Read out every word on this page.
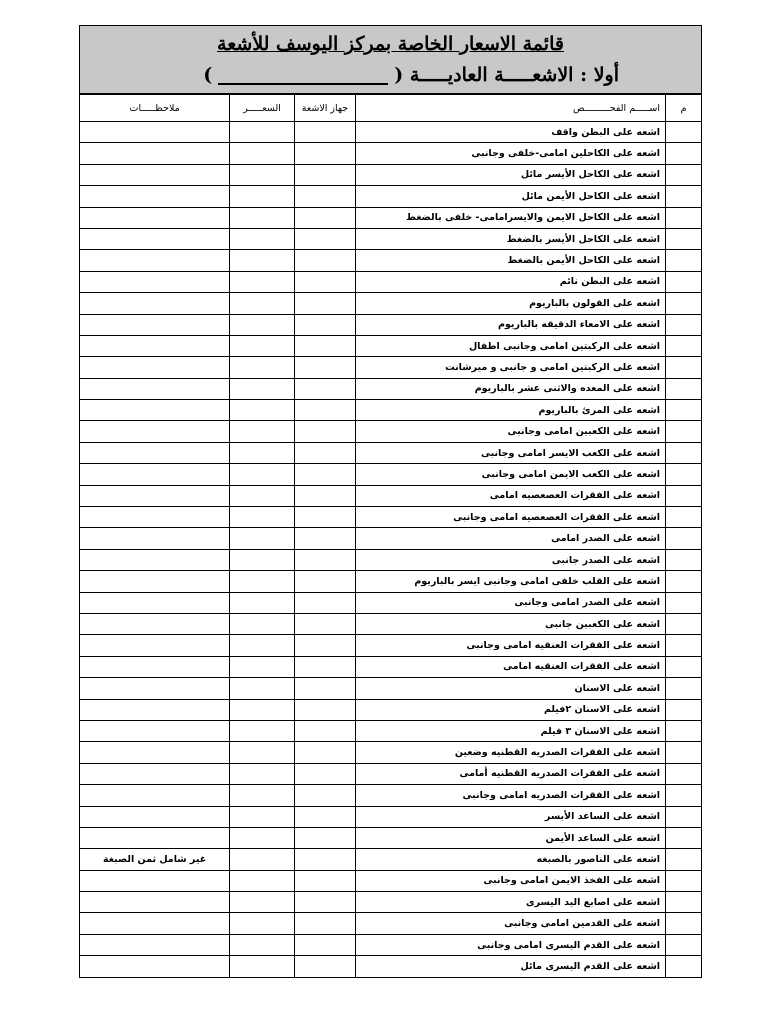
قائمة الاسعار الخاصة بمركز اليوسف للأشعة
أولا : الاشعـــــة العاديـــــة ()
م	اســـــم الفحـــــــــص	جهاز الاشعة	السعـــــر	ملاحظـــــات
	اشعه على البطن واقف			
	اشعه على الكاحلين امامى-خلفى وجانبى			
	اشعه على الكاحل الأيسر مائل			
	اشعه على الكاحل الأيمن مائل			
	اشعه على الكاحل الايمن والايسرامامى- خلفى بالضغط			
	اشعه على الكاحل الأيسر بالضغط			
	اشعه على الكاحل الأيمن بالضغط			
	اشعه على البطن نائم			
	اشعه على القولون بالباريوم			
	اشعه على الامعاء الدقيقه بالباريوم			
	اشعه على الركبتين امامى وجانبى اطفال			
	اشعه على الركبتين امامى و جانبى و ميرشانت			
	اشعه على المعده والاثنى عشر بالباريوم			
	اشعه على المرئ بالباريوم			
	اشعه على الكعبين امامى وجانبى			
	اشعه على الكعب الايسر امامى وجانبى			
	اشعه على الكعب الايمن امامى وجانبى			
	اشعه على الفقرات العصعصيه امامى			
	اشعه على الفقرات العصعصيه امامى وجانبى			
	اشعه على الصدر امامى			
	اشعه على الصدر جانبى			
	اشعه على القلب خلفى امامى وجانبى ايسر بالباريوم			
	اشعه على الصدر امامى وجانبى			
	اشعه على الكعبين جانبى			
	اشعه على الفقرات العنقيه امامى وجانبى			
	اشعه على الفقرات العنقيه امامى			
	اشعه على الاسنان			
	اشعه على الاسنان ٢فيلم			
	اشعه على الاسنان ٣ فيلم			
	اشعه على الفقرات الصدريه القطنيه وضعين			
	اشعه على الفقرات الصدريه القطنيه أمامى			
	اشعه على الفقرات الصدريه امامى وجانبى			
	اشعه على الساعد الأيسر			
	اشعه على الساعد الأيمن			
	اشعه على الناصور بالصبغه			غير شامل ثمن الصبغة
	اشعه على الفخذ الايمن امامى وجانبى			
	اشعه على اصابع اليد اليسرى			
	اشعه على القدمين امامى وجانبى			
	اشعه على القدم اليسرى امامى وجانبى			
	اشعه على القدم اليسرى مائل			
